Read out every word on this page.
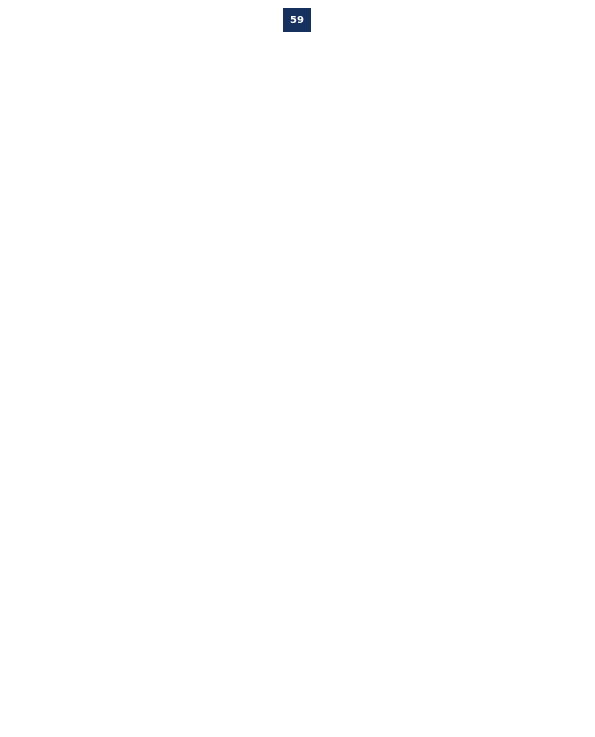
59
